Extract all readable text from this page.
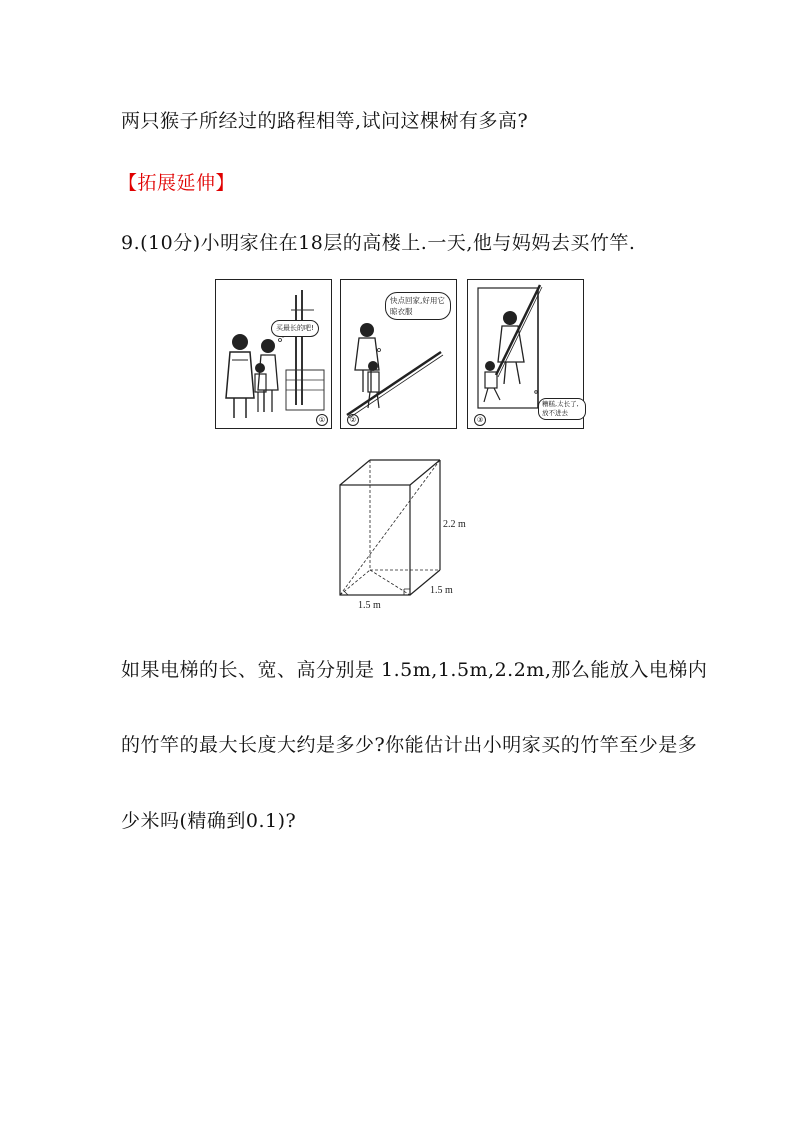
两只猴子所经过的路程相等,试问这棵树有多高?
【拓展延伸】
9.(10分)小明家住在18层的高楼上.一天,他与妈妈去买竹竿.
买最长的吧!
①
快点回家,好用它晾衣服
②
糟糕,太长了,放不进去
③
2.2 m
1.5 m
1.5 m
如果电梯的长、宽、高分别是 1.5m,1.5m,2.2m,那么能放入电梯内
的竹竿的最大长度大约是多少?你能估计出小明家买的竹竿至少是多
少米吗(精确到0.1)?
